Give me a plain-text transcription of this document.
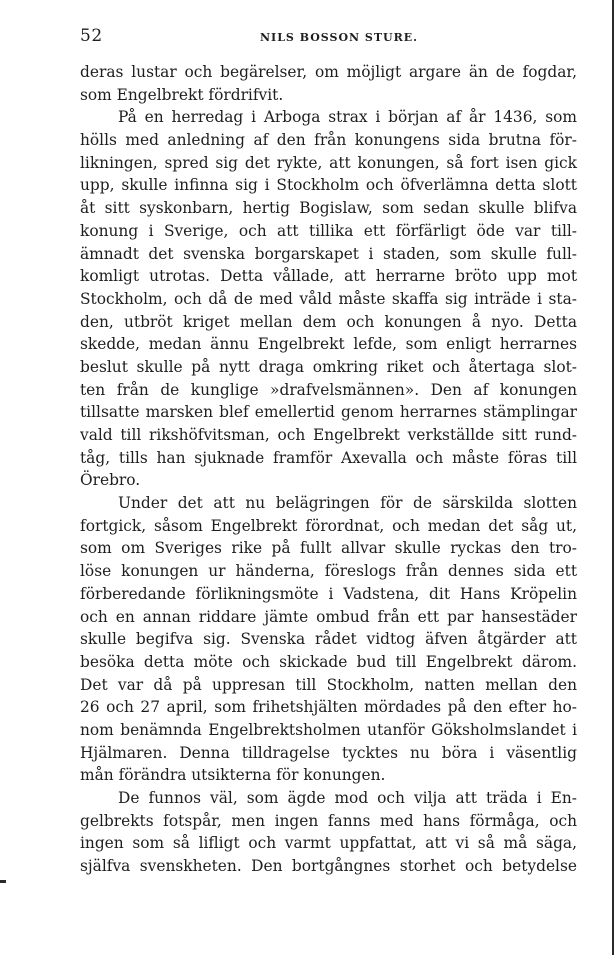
52	NILS BOSSON STURE.
deras lustar och begärelser, om möjligt argare än de fogdar,
som Engelbrekt fördrifvit.
På en herredag i Arboga strax i början af år 1436, som
hölls med anledning af den från konungens sida brutna för-
likningen, spred sig det rykte, att konungen, så fort isen gick
upp, skulle infinna sig i Stockholm och öfverlämna detta slott
åt sitt syskonbarn, hertig Bogislaw, som sedan skulle blifva
konung i Sverige, och att tillika ett förfärligt öde var till-
ämnadt det svenska borgarskapet i staden, som skulle full-
komligt utrotas. Detta vållade, att herrarne bröto upp mot
Stockholm, och då de med våld måste skaffa sig inträde i sta-
den, utbröt kriget mellan dem och konungen å nyo. Detta
skedde, medan ännu Engelbrekt lefde, som enligt herrarnes
beslut skulle på nytt draga omkring riket och återtaga slot-
ten från de kunglige »drafvelsmännen». Den af konungen
tillsatte marsken blef emellertid genom herrarnes stämplingar
vald till rikshöfvitsman, och Engelbrekt verkställde sitt rund-
tåg, tills han sjuknade framför Axevalla och måste föras till
Örebro.
Under det att nu belägringen för de särskilda slotten
fortgick, såsom Engelbrekt förordnat, och medan det såg ut,
som om Sveriges rike på fullt allvar skulle ryckas den tro-
löse konungen ur händerna, föreslogs från dennes sida ett
förberedande förlikningsmöte i Vadstena, dit Hans Kröpelin
och en annan riddare jämte ombud från ett par hansestäder
skulle begifva sig. Svenska rådet vidtog äfven åtgärder att
besöka detta möte och skickade bud till Engelbrekt därom.
Det var då på uppresan till Stockholm, natten mellan den
26 och 27 april, som frihetshjälten mördades på den efter ho-
nom benämnda Engelbrektsholmen utanför Göksholmslandet i
Hjälmaren. Denna tilldragelse tycktes nu böra i väsentlig
mån förändra utsikterna för konungen.
De funnos väl, som ägde mod och vilja att träda i En-
gelbrekts fotspår, men ingen fanns med hans förmåga, och
ingen som så lifligt och varmt uppfattat, att vi så må säga,
själfva svenskheten. Den bortgångnes storhet och betydelse
